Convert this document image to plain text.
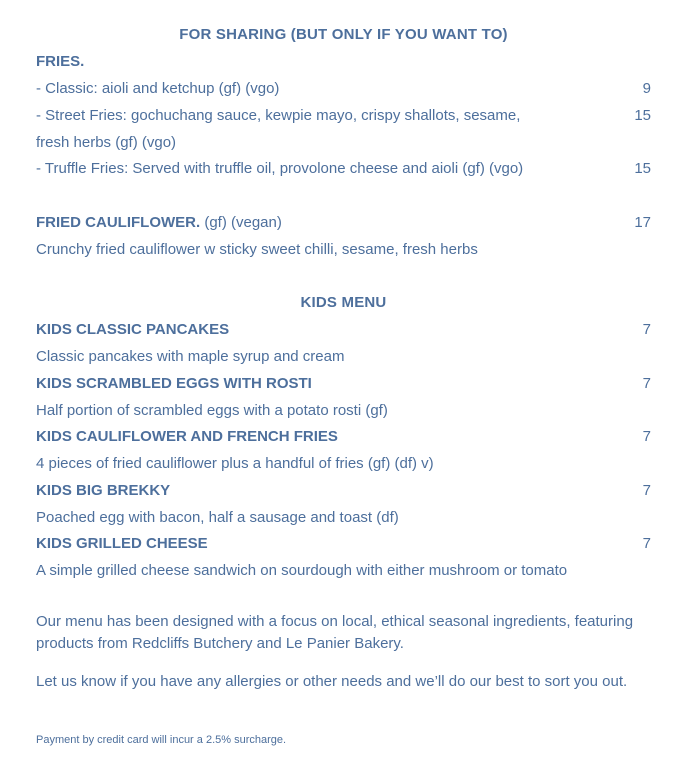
FOR SHARING (BUT ONLY IF YOU WANT TO)
FRIES.
- Classic: aioli and ketchup (gf) (vgo)	9
- Street Fries: gochuchang sauce, kewpie mayo, crispy shallots, sesame,	15
fresh herbs (gf) (vgo)
- Truffle Fries: Served with truffle oil, provolone cheese and aioli (gf) (vgo)	15
FRIED CAULIFLOWER. (gf) (vegan)	17
Crunchy fried cauliflower w sticky sweet chilli, sesame, fresh herbs
KIDS MENU
KIDS CLASSIC PANCAKES	7
Classic pancakes with maple syrup and cream
KIDS SCRAMBLED EGGS WITH ROSTI	7
Half portion of scrambled eggs with a potato rosti (gf)
KIDS CAULIFLOWER AND FRENCH FRIES	7
4 pieces of fried cauliflower plus a handful of fries (gf) (df) v)
KIDS BIG BREKKY	7
Poached egg with bacon, half a sausage and toast (df)
KIDS GRILLED CHEESE	7
A simple grilled cheese sandwich on sourdough with either mushroom or tomato
Our menu has been designed with a focus on local, ethical seasonal ingredients, featuring products from Redcliffs Butchery and Le Panier Bakery.
Let us know if you have any allergies or other needs and we’ll do our best to sort you out.
Payment by credit card will incur a 2.5% surcharge.
